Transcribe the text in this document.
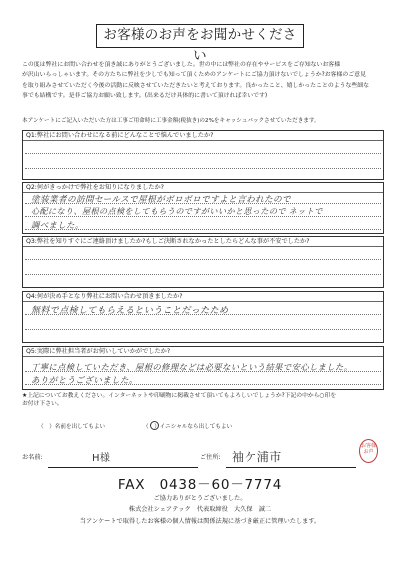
お客様のお声をお聞かせください

この度は弊社にお問い合わせを頂き誠にありがとうございました。世の中には弊社の存在やサービスをご存知ないお客様

が沢山いらっしゃいます。その方たちに弊社を少しでも知って頂くためのアンケートにご協力頂けないでしょうか?お客様のご意見

を取り組みさせていただく今後の活動に反映させていただきたいと考えております。良かったこと、嬉しかったことのような些細な

事でも結構です。是非ご協力お願い致します。(出来るだけ具体的に書いて頂ければ幸いです)

本アンケートにご記入いただいた方は工事ご用命時に工事金額(税抜き)の2%をキャッシュバックさせていただきます。
Q1:弊社にお問い合わせになる前にどんなことで悩んでいましたか?
Q2:何がきっかけで弊社をお知りになりましたか?
塗装業者の訪問セールスで屋根がボロボロですよと言われたので
心配になり、屋根の点検をしてもらうのですがいいかと思ったので ネットで
調べました。
Q3:弊社を知りすぐにご連絡頂けましたか?もしご決断されなかったとしたらどんな事が不安でしたか?
Q4:何が決め手となり弊社にお問い合わせ頂きましたか?
無料で点検してもらえるということだったため
Q5:実際に弊社担当者がお伺いしていかがでしたか?
丁寧に点検していただき、屋根の修理などは必要ないという結果で安心しました。
ありがとうございました。
★上記についてお教えください。インターネットや印刷物に掲載させて頂いてもよろしいでしょうか?下記の中から○印を
お付け下さい。
（　）名前を出してもよい	（　）イニシャルなら出してもよい
お名前:	H様	ご住所: 袖ケ浦市
お客様 お声
FAX　0438－60－7774
ご協力ありがとうございました。
株式会社シェアテック　代表取締役　大久保　誠二
当アンケートで取得したお客様の個人情報は関係法規に基づき厳正に管理いたします。
